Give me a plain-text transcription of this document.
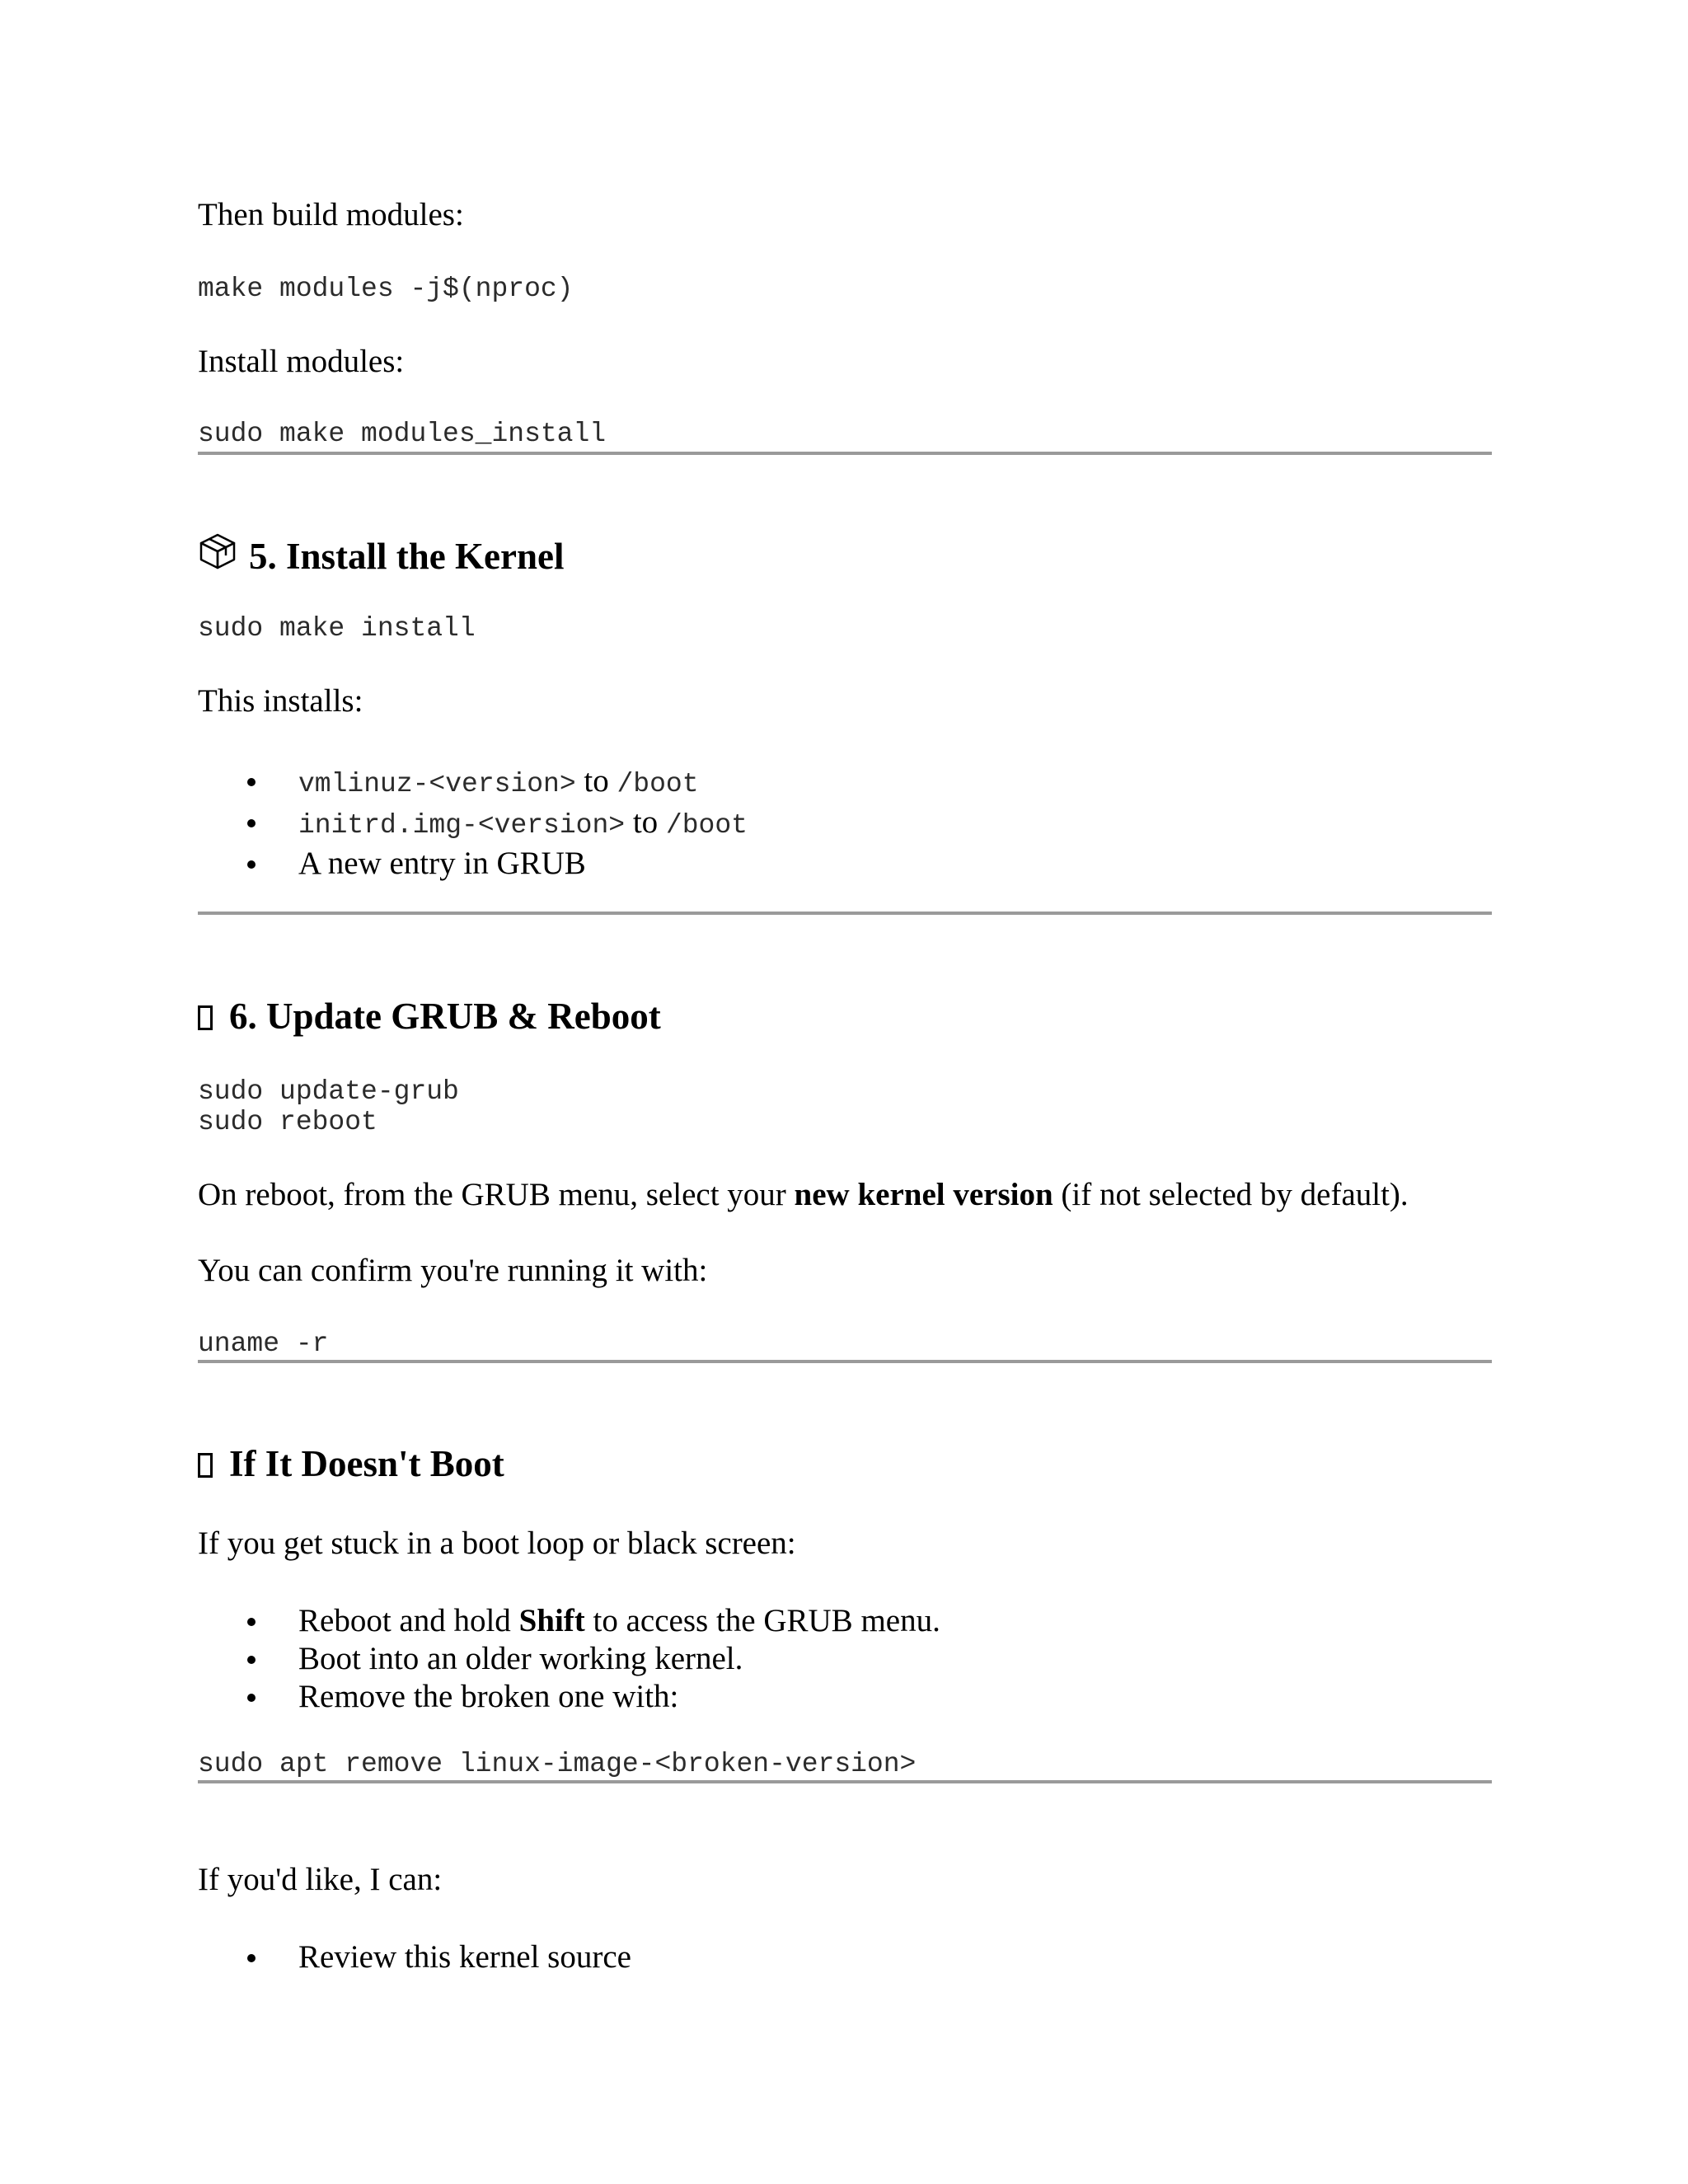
Then build modules:

make modules -j$(nproc)

Install modules:

sudo make modules_install
5. Install the Kernel
sudo make install

This installs:

vmlinuz-<version> to /boot
initrd.img-<version> to /boot
A new entry in GRUB
6. Update GRUB & Reboot
sudo update-grub
sudo reboot

On reboot, from the GRUB menu, select your new kernel version (if not selected by default).

You can confirm you're running it with:

uname -r
If It Doesn't Boot

If you get stuck in a boot loop or black screen:

Reboot and hold Shift to access the GRUB menu.
Boot into an older working kernel.
Remove the broken one with:
sudo apt remove linux-image-<broken-version>

If you'd like, I can:

Review this kernel source
